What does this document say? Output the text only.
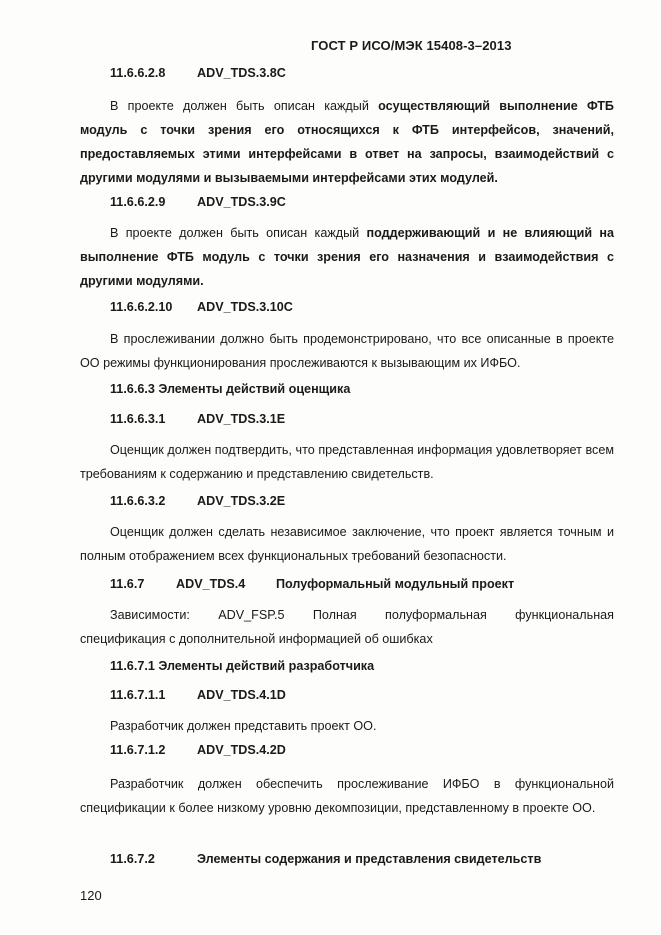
ГОСТ Р ИСО/МЭК 15408-3–2013
11.6.6.2.8	ADV_TDS.3.8C
В проекте должен быть описан каждый осуществляющий выполнение ФТБ модуль с точки зрения его относящихся к ФТБ интерфейсов, значений, предоставляемых этими интерфейсами в ответ на запросы, взаимодействий с другими модулями и вызываемыми интерфейсами этих модулей.
11.6.6.2.9	ADV_TDS.3.9C
В проекте должен быть описан каждый поддерживающий и не влияющий на выполнение ФТБ модуль с точки зрения его назначения и взаимодействия с другими модулями.
11.6.6.2.10 ADV_TDS.3.10C
В прослеживании должно быть продемонстрировано, что все описанные в проекте ОО режимы функционирования прослеживаются к вызывающим их ИФБО.
11.6.6.3 Элементы действий оценщика
11.6.6.3.1	ADV_TDS.3.1E
Оценщик должен подтвердить, что представленная информация удовлетворяет всем требованиям к содержанию и представлению свидетельств.
11.6.6.3.2	ADV_TDS.3.2E
Оценщик должен сделать независимое заключение, что проект является точным и полным отображением всех функциональных требований безопасности.
11.6.7	ADV_TDS.4 Полуформальный модульный проект
Зависимости: ADV_FSP.5 Полная полуформальная функциональная
спецификация с дополнительной информацией об ошибках
11.6.7.1 Элементы действий разработчика
11.6.7.1.1	ADV_TDS.4.1D
Разработчик должен представить проект ОО.
11.6.7.1.2	ADV_TDS.4.2D
Разработчик должен обеспечить прослеживание ИФБО в функциональной спецификации к более низкому уровню декомпозиции, представленному в проекте ОО.
11.6.7.2	Элементы содержания и представления свидетельств
120
